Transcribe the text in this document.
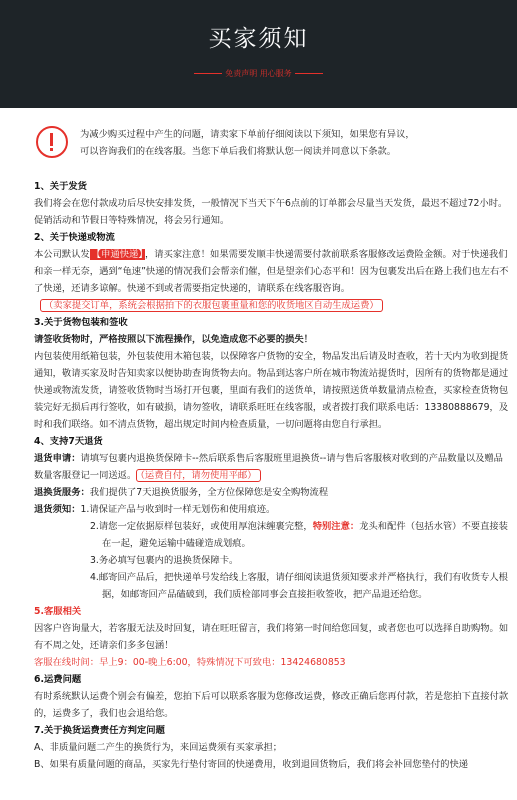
买家须知
免责声明 用心服务

为减少购买过程中产生的问题，请卖家下单前仔细阅读以下须知，如果您有异议，

可以咨询我们的在线客服。当您下单后我们将默认您一阅读并同意以下条款。

1、关于发货

我们将会在您付款成功后尽快安排发货，一般情况下当天下午6点前的订单都会尽量当天发货，最迟不超过72小时。促销活动和节假日等特殊情况，将会另行通知。

2、关于快递或物流

本公司默认发 【申通快递】 ，请买家注意！如果需要发顺丰快递需要付款前联系客服修改运费险金额。对于快递我们和亲一样无奈，遇到“龟速”快递的情况我们会帮亲们催，但是望亲们心态平和！因为包裹发出后在路上我们也左右不了快递，还请多谅解。快递不到或者需要指定快递的，请联系在线客服咨询。

（卖家提交订单，系统会根据拍下的衣服包裹重量和您的收货地区自动生成运费）

3.关于货物包装和签收

请签收货物时，严格按照以下流程操作，以免造成您不必要的损失！

内包装使用纸箱包装，外包装使用木箱包装，以保障客户货物的安全，物品发出后请及时查收，若十天内为收到提货通知，敬请买家及时告知卖家以便协助查询货物去向。物品到达客户所在城市物流站提货时，因所有的货物都是通过快递或物流发货，请签收货物时当场打开包裹，里面有我们的送货单，请按照送货单数量清点检查，买家检查货物包装完好无损后再行签收，如有破损，请勿签收，请联系旺旺在线客服，或者拨打我们联系电话：13380888679，及时和我们联络。如不清点货物，超出规定时间内检查质量，一切问题将由您自行承担。

4、支持7天退货

退货申请：请填写包裹内退换货保障卡--然后联系售后客服班里退换货--请与售后客服核对收到的产品数量以及赠品数量客服登记一同送返。 （运费自付，请勿使用平邮）

退换货服务：我们提供了7天退换货服务，全方位保障您是安全购物流程

退货须知：1.请保证产品与收到时一样无划伤和使用痕迹。

2.请您一定依据原样包装好，或使用厚泡沫缠裹完整，特别注意：龙头和配件（包括水管）不要直接装在一起，避免运输中磕碰造成划痕。

3.务必填写包裹内的退换货保障卡。

4.邮寄回产品后，把快递单号发给线上客服，请仔细阅读退货须知要求并严格执行，我们有收货专人根据，如邮寄回产品磕破到，我们质检部同事会直接拒收签收，把产品退还给您。

5.客服相关

因客户咨询量大，若客服无法及时回复，请在旺旺留言，我们将第一时间给您回复，或者您也可以选择自助购物。如有不周之处，还请亲们多多包涵！

客服在线时间：早上9：00-晚上6:00，特殊情况下可致电：13424680853

6.运费问题

有时系统默认运费个别会有偏差，您拍下后可以联系客服为您修改运费，修改正确后您再付款，若是您拍下直接付款的，运费多了，我们也会退给您。

7.关于换货运费责任方判定问题

A、非质量问题二产生的换货行为，来回运费须有买家承担；

B、如果有质量问题的商品，买家先行垫付寄回的快递费用，收到退回货物后，我们将会补回您垫付的快递
